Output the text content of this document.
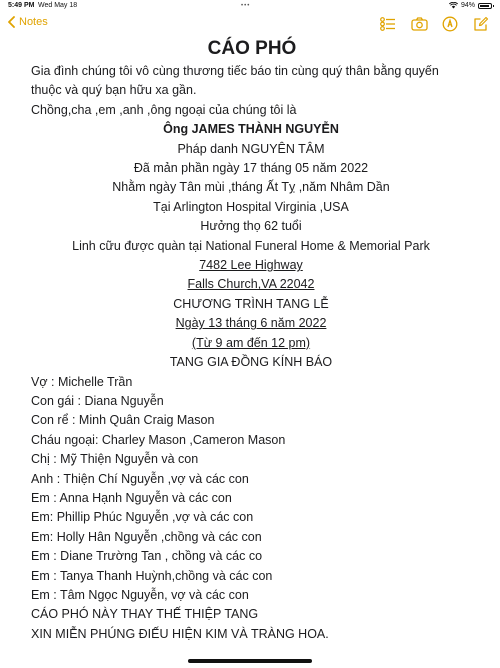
5:49 PM Wed May 18	•••	94%
Notes

CÁO PHÓ

Gia đình chúng tôi vô cùng thương tiếc báo tin cùng quý thân bằng quyến

thuộc và quý bạn hữu xa gần.

Chồng,cha ,em ,anh ,ông ngoại của chúng tôi là

Ông JAMES THÀNH NGUYỄN

Pháp danh NGUYÊN TÂM

Đã mản phần ngày 17 tháng 05 năm 2022

Nhằm ngày Tân mùi ,tháng Ất Tỵ ,năm Nhâm Dần

Tại Arlington Hospital Virginia ,USA

Hưởng thọ 62 tuổi

Linh cữu được quàn tại National Funeral Home & Memorial Park

7482 Lee Highway

Falls Church,VA 22042

CHƯƠNG TRÌNH TANG LỄ

Ngày 13 tháng 6 năm 2022

(Từ 9 am đến 12 pm)

TANG GIA ĐỒNG KÍNH BÁO

Vợ : Michelle Trần

Con gái : Diana Nguyễn

Con rể : Minh Quân Craig Mason

Cháu ngoại: Charley Mason ,Cameron Mason

Chị : Mỹ Thiện Nguyễn và con

Anh : Thiện Chí Nguyễn ,vợ và các con

Em : Anna Hạnh Nguyễn và các con

Em: Phillip Phúc Nguyễn ,vợ và các con

Em: Holly Hân Nguyễn ,chồng và các con

Em : Diane Trường Tan , chồng và các co

Em : Tanya Thanh Huỳnh,chồng và các con

Em : Tâm Ngọc Nguyễn, vợ và các con

CÁO PHÓ NÀY THAY THẾ THIỆP TANG

XIN MIỄN PHÚNG ĐIẾU HIỆN KIM VÀ TRÀNG HOA.
